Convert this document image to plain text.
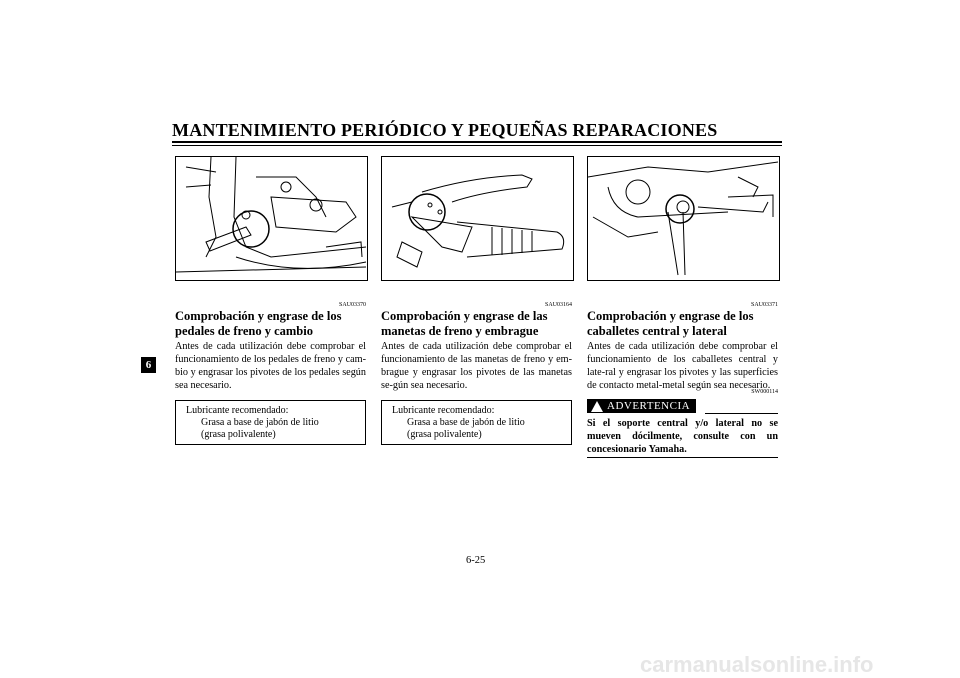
MANTENIMIENTO PERIÓDICO Y PEQUEÑAS REPARACIONES
6
SAU03370
Comprobación y engrase de los pedales de freno y cambio
Antes de cada utilización debe comprobar el funcionamiento de los pedales de freno y cam-bio y engrasar los pivotes de los pedales según sea necesario.
Lubricante recomendado:
Grasa a base de jabón de litio
(grasa polivalente)
SAU03164
Comprobación y engrase de las manetas de freno y embrague
Antes de cada utilización debe comprobar el funcionamiento de las manetas de freno y em-brague y engrasar los pivotes de las manetas se-gún sea necesario.
Lubricante recomendado:
Grasa a base de jabón de litio
(grasa polivalente)
SAU03371
Comprobación y engrase de los caballetes central y lateral
Antes de cada utilización debe comprobar el funcionamiento de los caballetes central y late-ral y engrasar los pivotes y las superficies de contacto metal-metal según sea necesario.
SW000114
ADVERTENCIA
Si el soporte central y/o lateral no se mueven dócilmente, consulte con un concesionario Yamaha.
6-25
carmanualsonline.info
